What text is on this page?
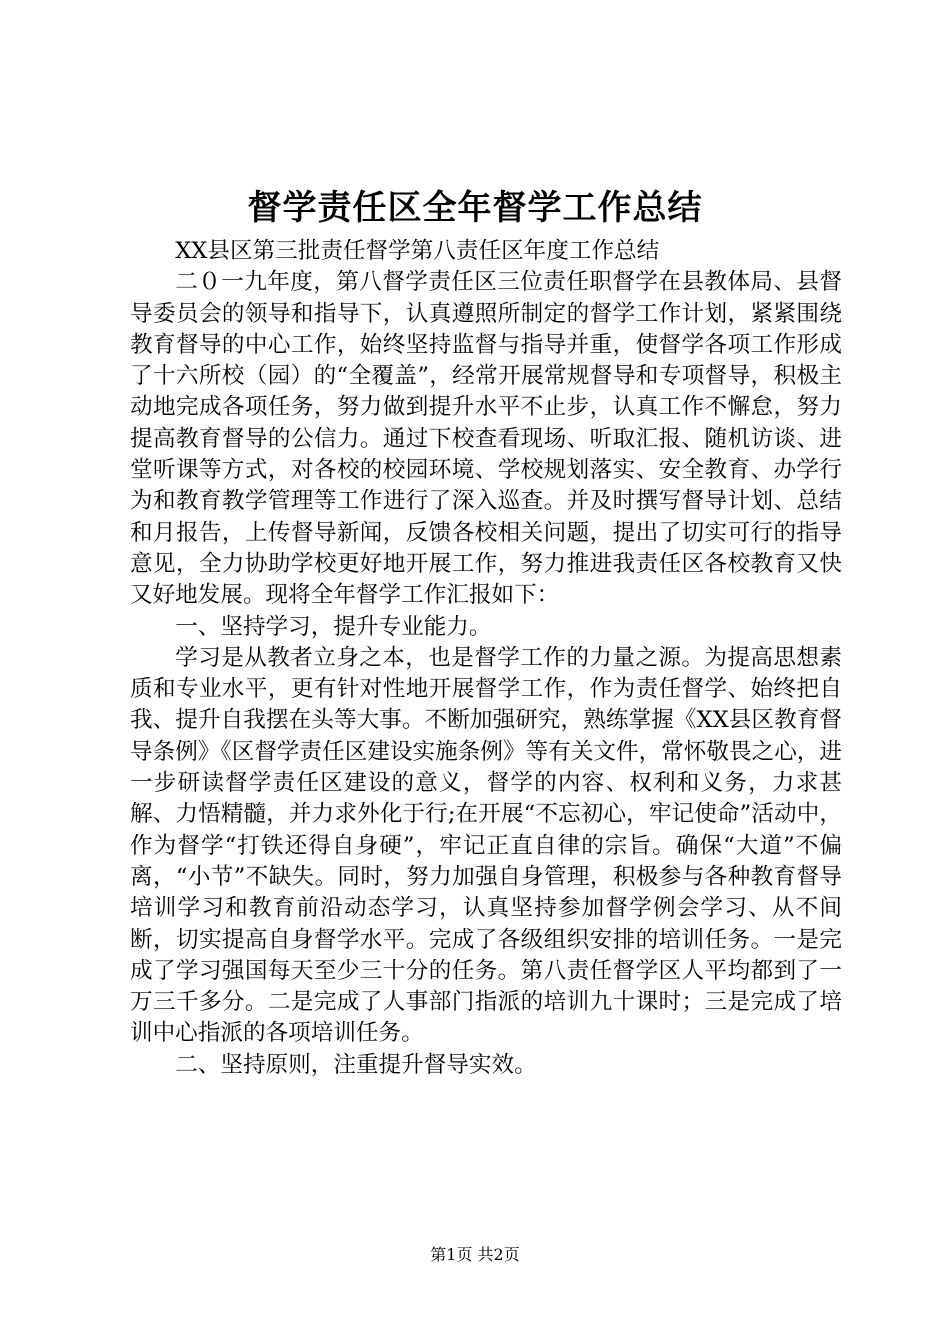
督学责任区全年督学工作总结

XX县区第三批责任督学第八责任区年度工作总结

二０一九年度，第八督学责任区三位责任职督学在县教体局、县督导委员会的领导和指导下，认真遵照所制定的督学工作计划，紧紧围绕教育督导的中心工作，始终坚持监督与指导并重，使督学各项工作形成了十六所校（园）的“全覆盖”，经常开展常规督导和专项督导，积极主动地完成各项任务，努力做到提升水平不止步，认真工作不懈怠，努力提高教育督导的公信力。通过下校查看现场、听取汇报、随机访谈、进堂听课等方式，对各校的校园环境、学校规划落实、安全教育、办学行为和教育教学管理等工作进行了深入巡查。并及时撰写督导计划、总结和月报告，上传督导新闻，反馈各校相关问题，提出了切实可行的指导意见，全力协助学校更好地开展工作，努力推进我责任区各校教育又快又好地发展。现将全年督学工作汇报如下：

一、坚持学习，提升专业能力。

学习是从教者立身之本，也是督学工作的力量之源。为提高思想素质和专业水平，更有针对性地开展督学工作，作为责任督学、始终把自我、提升自我摆在头等大事。不断加强研究，熟练掌握《XX县区教育督导条例》《区督学责任区建设实施条例》等有关文件，常怀敬畏之心，进一步研读督学责任区建设的意义，督学的内容、权利和义务，力求甚解、力悟精髓，并力求外化于行;在开展“不忘初心，牢记使命”活动中，作为督学“打铁还得自身硬”，牢记正直自律的宗旨。确保“大道”不偏离，“小节”不缺失。同时，努力加强自身管理，积极参与各种教育督导培训学习和教育前沿动态学习，认真坚持参加督学例会学习、从不间断，切实提高自身督学水平。完成了各级组织安排的培训任务。一是完成了学习强国每天至少三十分的任务。第八责任督学区人平均都到了一万三千多分。二是完成了人事部门指派的培训九十课时；三是完成了培训中心指派的各项培训任务。

二、坚持原则，注重提升督导实效。

第1页 共2页
